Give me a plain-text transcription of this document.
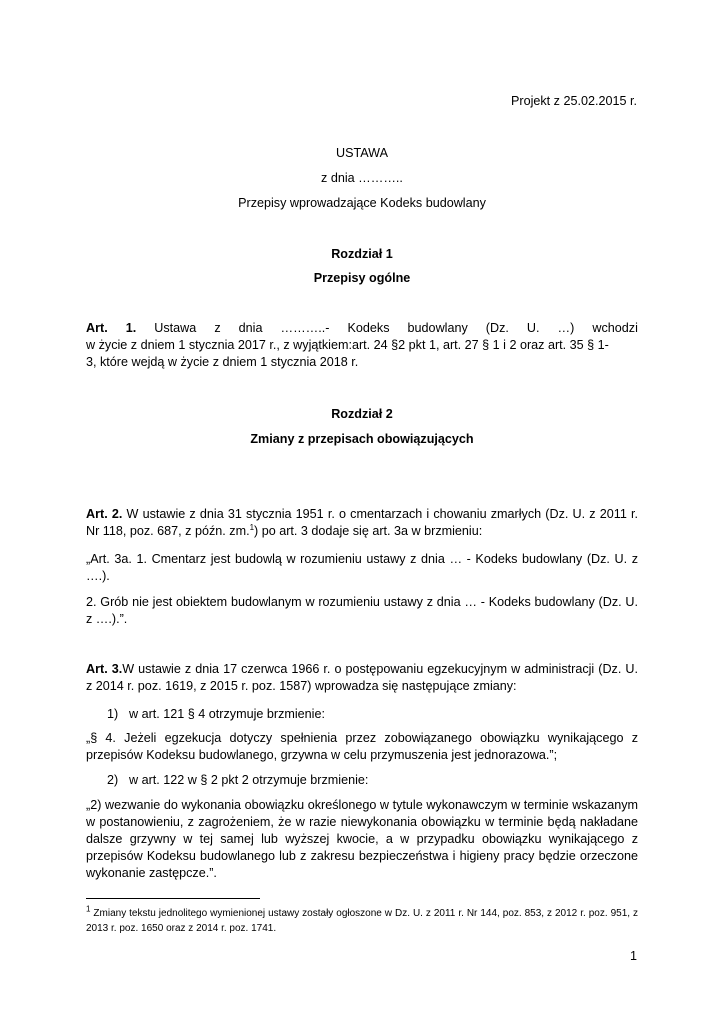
Projekt z 25.02.2015 r.
USTAWA
z dnia ………..
Przepisy wprowadzające Kodeks budowlany
Rozdział 1
Przepisy ogólne
Art. 1. Ustawa z dnia ………..- Kodeks budowlany (Dz. U. …) wchodzi
w życie z dniem 1 stycznia 2017 r., z wyjątkiem:art. 24 §2 pkt 1, art. 27 § 1 i 2 oraz art. 35 § 1-
3, które wejdą w życie z dniem 1 stycznia 2018 r.
Rozdział 2
Zmiany z przepisach obowiązujących
Art. 2. W ustawie z dnia 31 stycznia 1951 r. o cmentarzach i chowaniu zmarłych (Dz. U. z 2011 r. Nr 118, poz. 687, z późn. zm.$^1$) po art. 3 dodaje się art. 3a w brzmieniu:
„Art. 3a. 1. Cmentarz jest budowlą w rozumieniu ustawy z dnia … - Kodeks budowlany (Dz. U. z ….).
2. Grób nie jest obiektem budowlanym w rozumieniu ustawy z dnia … - Kodeks budowlany (Dz. U. z ….).”.
Art. 3.W ustawie z dnia 17 czerwca 1966 r. o postępowaniu egzekucyjnym w administracji (Dz. U. z 2014 r. poz. 1619, z 2015 r. poz. 1587) wprowadza się następujące zmiany:
1) w art. 121 § 4 otrzymuje brzmienie:
„§ 4. Jeżeli egzekucja dotyczy spełnienia przez zobowiązanego obowiązku wynikającego z przepisów Kodeksu budowlanego, grzywna w celu przymuszenia jest jednorazowa.”;
2) w art. 122 w § 2 pkt 2 otrzymuje brzmienie:
„2) wezwanie do wykonania obowiązku określonego w tytule wykonawczym w terminie wskazanym w postanowieniu, z zagrożeniem, że w razie niewykonania obowiązku w terminie będą nakładane dalsze grzywny w tej samej lub wyższej kwocie, a w przypadku obowiązku wynikającego z przepisów Kodeksu budowlanego lub z zakresu bezpieczeństwa i higieny pracy będzie orzeczone wykonanie zastępcze.”.
$^1$ Zmiany tekstu jednolitego wymienionej ustawy zostały ogłoszone w Dz. U. z 2011 r. Nr 144, poz. 853, z 2012 r. poz. 951, z 2013 r. poz. 1650 oraz z 2014 r. poz. 1741.
1
